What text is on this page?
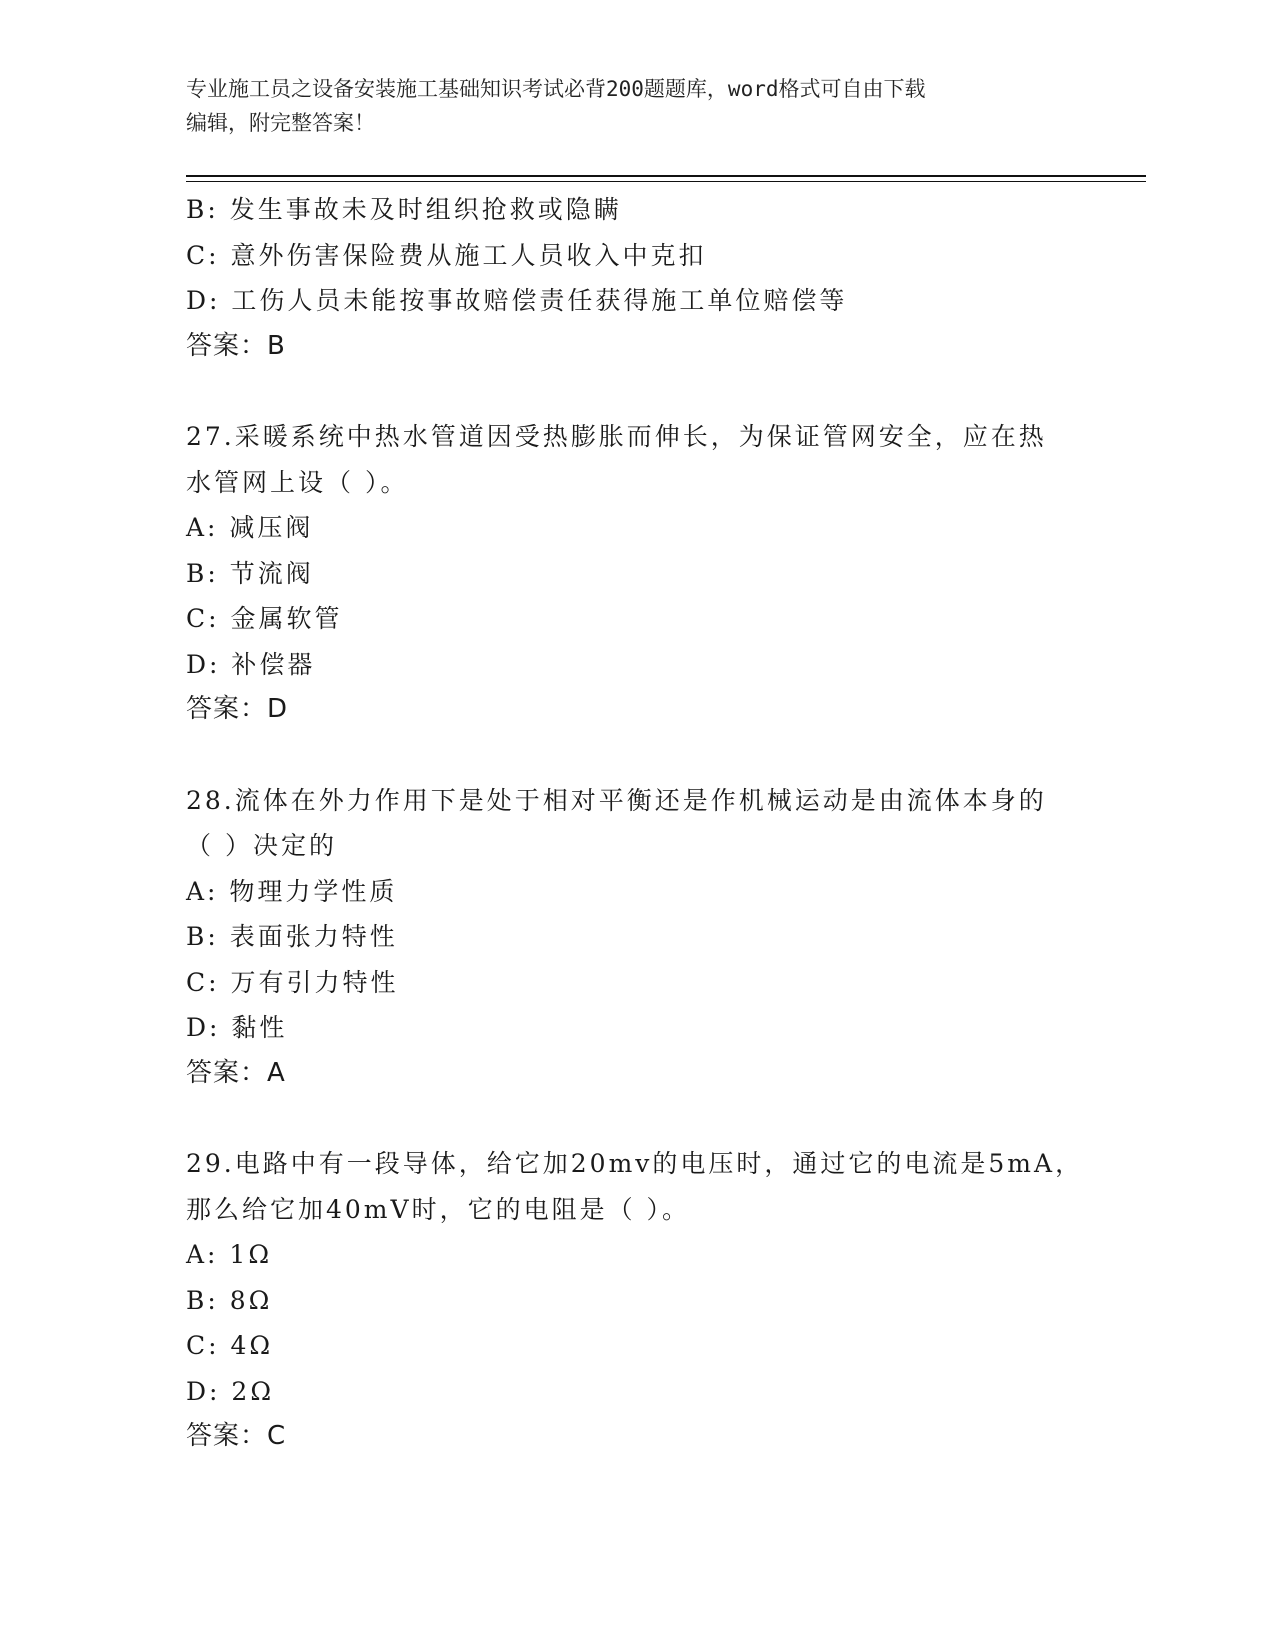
专业施工员之设备安装施工基础知识考试必背200题题库，word格式可自由下载
编辑，附完整答案！
B: 发生事故未及时组织抢救或隐瞒
C: 意外伤害保险费从施工人员收入中克扣
D: 工伤人员未能按事故赔偿责任获得施工单位赔偿等
答案：B
27.采暖系统中热水管道因受热膨胀而伸长，为保证管网安全，应在热
水管网上设（ ）。
A: 减压阀
B: 节流阀
C: 金属软管
D: 补偿器
答案：D
28.流体在外力作用下是处于相对平衡还是作机械运动是由流体本身的
（ ）决定的
A: 物理力学性质
B: 表面张力特性
C: 万有引力特性
D: 黏性
答案：A
29.电路中有一段导体，给它加20mv的电压时，通过它的电流是5mA，
那么给它加40mV时，它的电阻是（ ）。
A: 1Ω
B: 8Ω
C: 4Ω
D: 2Ω
答案：C
